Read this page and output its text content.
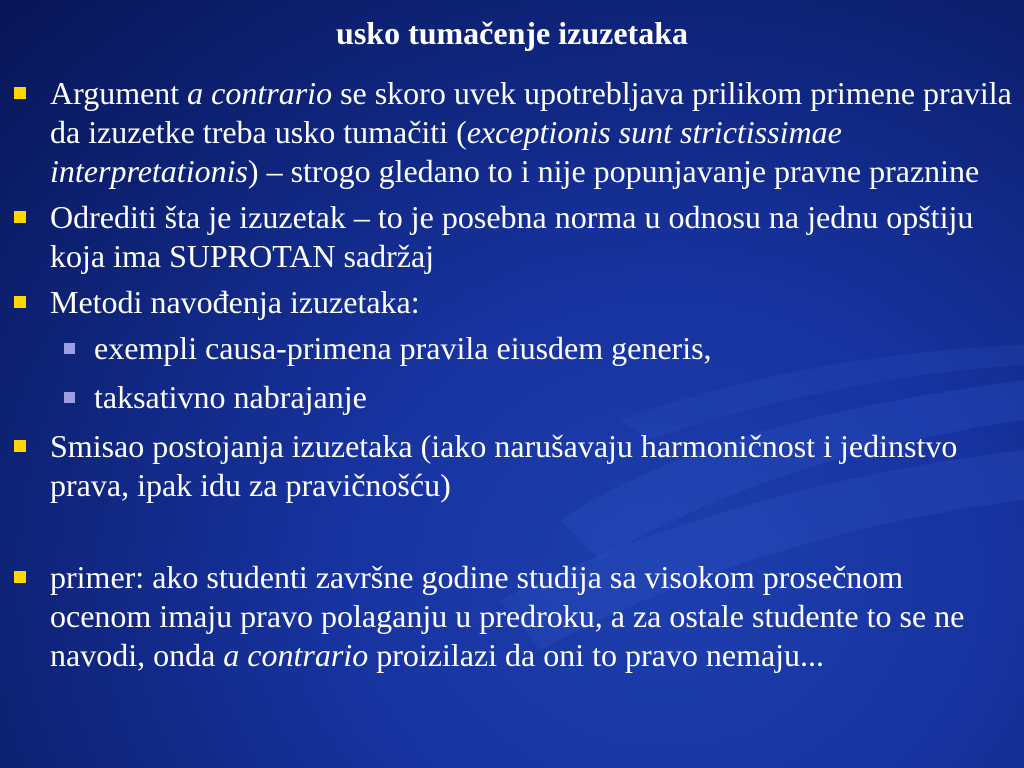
usko tumačenje izuzetaka
Argument a contrario se skoro uvek upotrebljava prilikom primene pravila da izuzetke treba usko tumačiti (exceptionis sunt strictissimae interpretationis) – strogo gledano to i nije popunjavanje pravne praznine
Odrediti šta je izuzetak – to je posebna norma u odnosu na jednu opštiju koja ima SUPROTAN sadržaj
Metodi navođenja izuzetaka:
exempli causa-primena pravila eiusdem generis,
taksativno nabrajanje
Smisao postojanja izuzetaka (iako narušavaju harmoničnost i jedinstvo prava, ipak idu za pravičnošću)
primer: ako studenti završne godine studija sa visokom prosečnom ocenom imaju pravo polaganju u predroku, a za ostale studente to se ne navodi, onda a contrario proizilazi da oni to pravo nemaju...
